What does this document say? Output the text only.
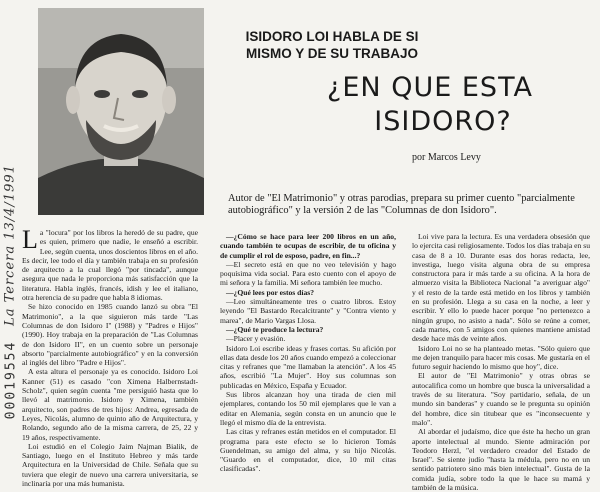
La Tercera 13/4/1991
00019554
ISIDORO LOI HABLA DE SI MISMO Y DE SU TRABAJO
¿EN QUE ESTA
ISIDORO?
por Marcos Levy
Autor de "El Matrimonio" y otras parodias, prepara su primer cuento "parcialmente autobiográfico" y la versión 2 de las "Columnas de don Isidoro".

La "locura" por los libros la heredó de su padre, que es quien, primero que nadie, le enseñó a escribir. Lee, según cuenta, unos doscientos libros en el año. Es decir, lee todo el día y también trabaja en su profesión de arquitecto a la cual llegó "por tincada", aunque asegura que nada le proporciona más satisfacción que la literatura. Habla inglés, francés, idish y lee el italiano, otra herencia de su padre que habla 8 idiomas.

Se hizo conocido en 1985 cuando lanzó su obra "El Matrimonio", a la que siguieron más tarde "Las Columnas de don Isidoro I" (1988) y "Padres e Hijos" (1990). Hoy trabaja en la preparación de "Las Columnas de don Isidoro II", en un cuento sobre un personaje absorto "parcialmente autobiográfico" y en la conversión al inglés del libro "Padre e Hijos".

A esta altura el personaje ya es conocido. Isidoro Loi Kanner (51) es casado "con Ximena Halbernstadt-Scholz", quien según cuenta "me persiguió hasta que lo llevó al matrimonio. Isidoro y Ximena, también arquitecto, son padres de tres hijos: Andrea, egresada de Leyes, Nicolás, alumno de quinto año de Arquitectura, y Rolando, segundo año de la misma carrera, de 25, 22 y 19 años, respectivamente.

Loi estudió en el Colegio Jaim Najman Bialik, de Santiago, luego en el Instituto Hebreo y más tarde Arquitectura en la Universidad de Chile. Señala que su tuviera que elegir de nuevo una carrera universitaria, se inclinaría por una más humanista.

—¿Cómo se hace para leer 200 libros en un año, cuando también te ocupas de escribir, de tu oficina y de cumplir el rol de esposo, padre, en fin...?

—El secreto está en que no veo televisión y hago poquísima vida social. Para esto cuento con el apoyo de mi señora y la familia. Mi señora también lee mucho.

—¿Qué lees por estos días?

—Leo simultáneamente tres o cuatro libros. Estoy leyendo "El Bastardo Recalcitrante" y "Contra viento y marea", de Mario Vargas Llosa.

—¿Qué te produce la lectura?

—Placer y evasión.

Isidoro Loi escribe ideas y frases cortas. Su afición por ellas data desde los 20 años cuando empezó a coleccionar citas y refranes que "me llamaban la atención". A los 45 años, escribió "La Mujer". Hoy sus columnas son publicadas en México, España y Ecuador.

Sus libros alcanzan hoy una tirada de cien mil ejemplares, contando los 50 mil ejemplares que le van a editar en Alemania, según consta en un anuncio que le llegó el mismo día de la entrevista.

Las citas y refranes están metidos en el computador. El programa para este efecto se lo hicieron Tomás Guendelman, su amigo del alma, y su hijo Nicolás. "Guardo en el computador, dice, 10 mil citas clasificadas".

Loi vive para la lectura. Es una verdadera obsesión que lo ejercita casi religiosamente. Todos los días trabaja en su casa de 8 a 10. Durante esas dos horas redacta, lee, investiga, luego visita alguna obra de su empresa constructora para ir más tarde a su oficina. A la hora de almuerzo visita la Biblioteca Nacional "a averiguar algo" y el resto de la tarde está metido en los libros y también en su profesión. Llega a su casa en la noche, a leer y escribir. Y ello lo puede hacer porque "no pertenezco a ningún grupo, no asisto a nada". Sólo se reúne a comer, cada martes, con 5 amigos con quienes mantiene amistad desde hace más de veinte años.

Isidoro Loi no se ha planteado metas. "Sólo quiero que me dejen tranquilo para hacer mis cosas. Me gustaría en el futuro seguir haciendo lo mismo que hoy", dice.

El autor de "El Matrimonio" y otras obras se autocalifica como un hombre que busca la universalidad a través de su literatura. "Soy partidario, señala, de un mundo sin banderas" y cuando se le pregunta su opinión del hombre, dice sin titubear que es "inconsecuente y malo".

Al abordar el judaísmo, dice que éste ha hecho un gran aporte intelectual al mundo. Siente admiración por Teodoro Herzl, "el verdadero creador del Estado de Israel". Se siente judío "hasta la médula, pero no en un sentido patriotero sino más bien intelectual". Gusta de la comida judía, sobre todo la que le hace su mamá y también de la música.
